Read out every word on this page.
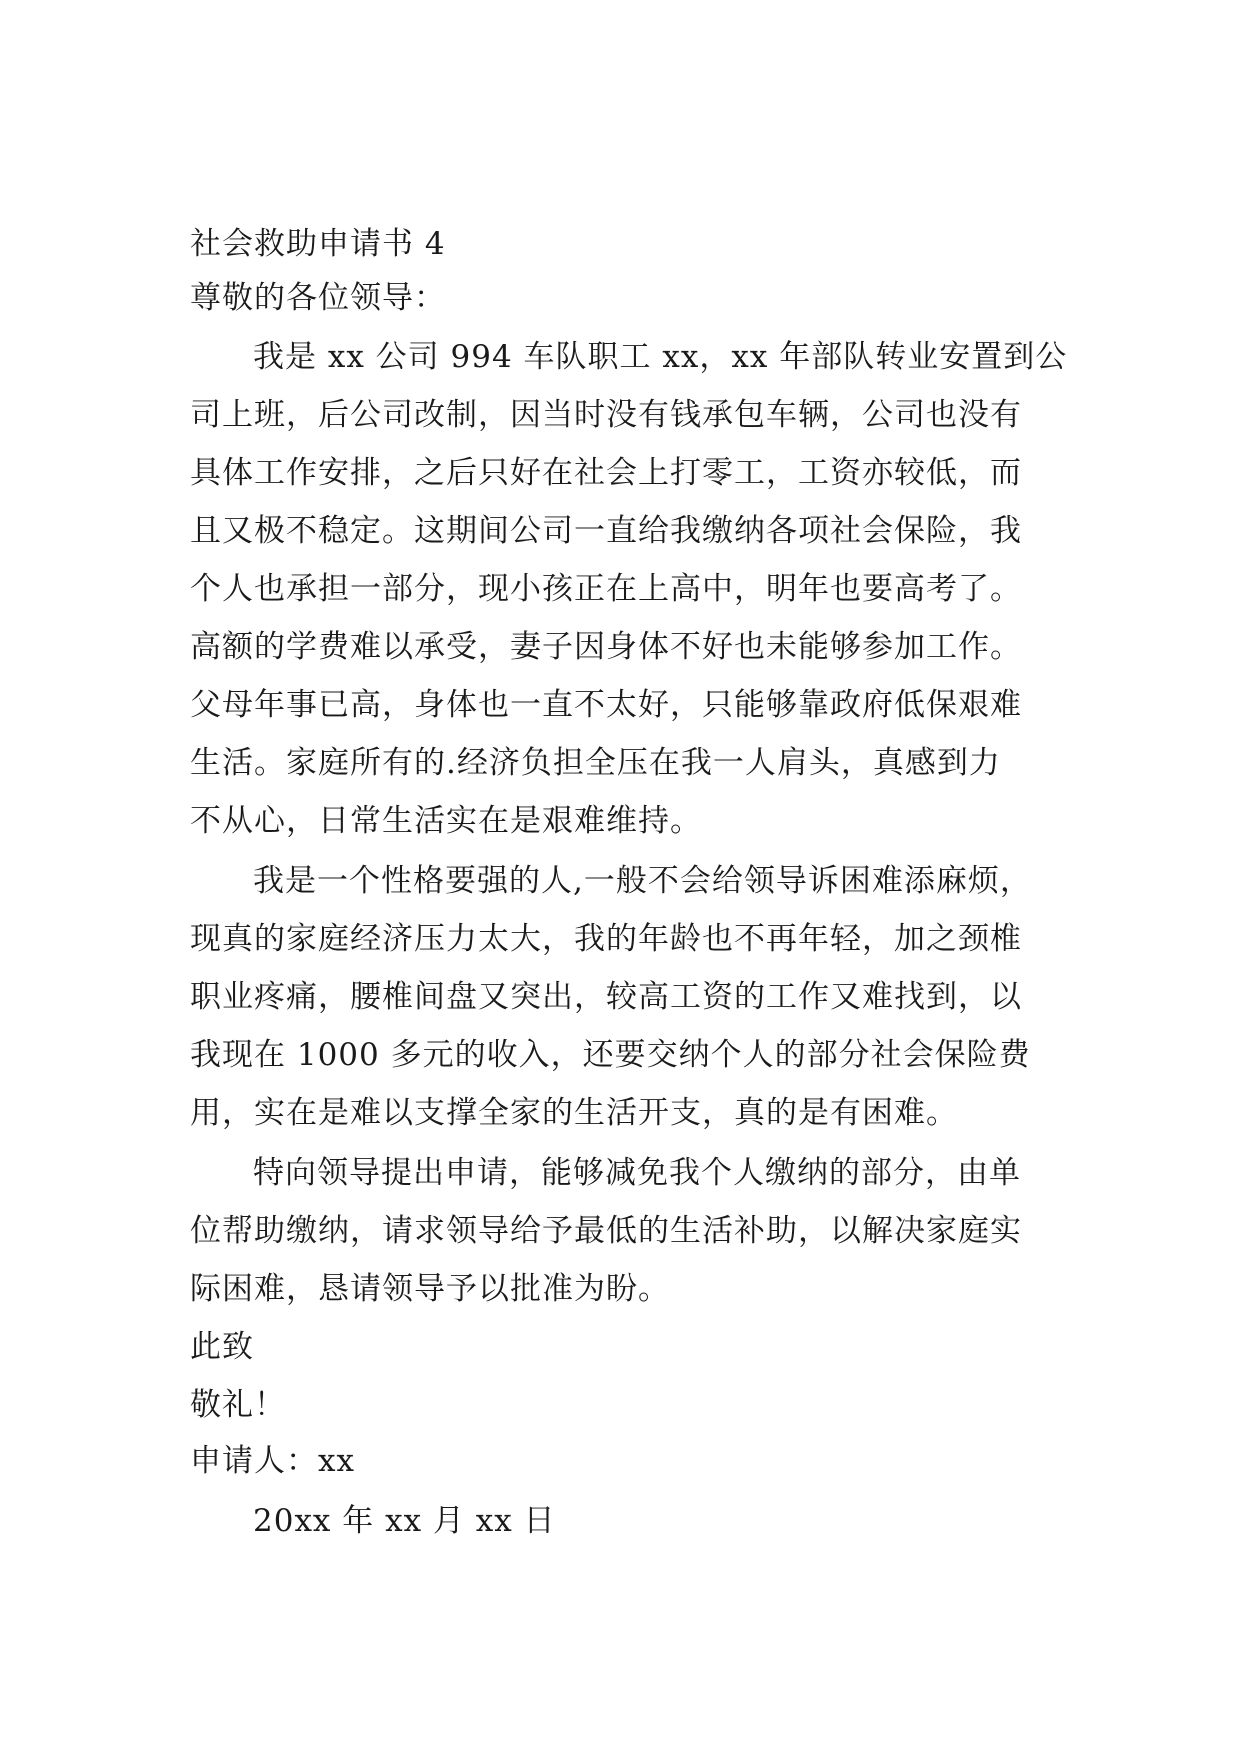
社会救助申请书 4
尊敬的各位领导：
我是 xx 公司 994 车队职工 xx，xx 年部队转业安置到公
司上班，后公司改制，因当时没有钱承包车辆，公司也没有
具体工作安排，之后只好在社会上打零工，工资亦较低，而
且又极不稳定。这期间公司一直给我缴纳各项社会保险，我
个人也承担一部分，现小孩正在上高中，明年也要高考了。
高额的学费难以承受，妻子因身体不好也未能够参加工作。
父母年事已高，身体也一直不太好，只能够靠政府低保艰难
生活。家庭所有的.经济负担全压在我一人肩头，真感到力
不从心，日常生活实在是艰难维持。
我是一个性格要强的人,一般不会给领导诉困难添麻烦，
现真的家庭经济压力太大，我的年龄也不再年轻，加之颈椎
职业疼痛，腰椎间盘又突出，较高工资的工作又难找到，以
我现在 1000 多元的收入，还要交纳个人的部分社会保险费
用，实在是难以支撑全家的生活开支，真的是有困难。
特向领导提出申请，能够减免我个人缴纳的部分，由单
位帮助缴纳，请求领导给予最低的生活补助，以解决家庭实
际困难，恳请领导予以批准为盼。
此致
敬礼！
申请人：xx
20xx 年 xx 月 xx 日
